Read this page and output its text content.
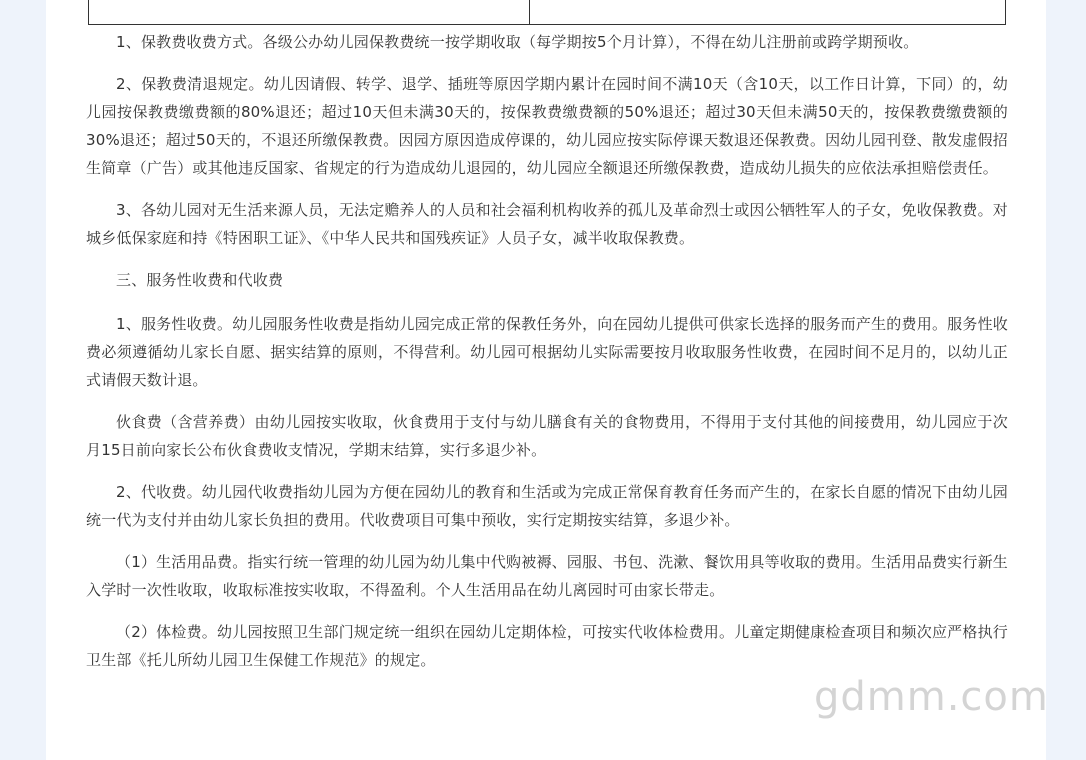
1、保教费收费方式。各级公办幼儿园保教费统一按学期收取（每学期按5个月计算），不得在幼儿注册前或跨学期预收。

2、保教费清退规定。幼儿因请假、转学、退学、插班等原因学期内累计在园时间不满10天（含10天，以工作日计算，下同）的，幼儿园按保教费缴费额的80%退还；超过10天但未满30天的，按保教费缴费额的50%退还；超过30天但未满50天的，按保教费缴费额的30%退还；超过50天的，不退还所缴保教费。因园方原因造成停课的，幼儿园应按实际停课天数退还保教费。因幼儿园刊登、散发虚假招生简章（广告）或其他违反国家、省规定的行为造成幼儿退园的，幼儿园应全额退还所缴保教费，造成幼儿损失的应依法承担赔偿责任。

3、各幼儿园对无生活来源人员，无法定赡养人的人员和社会福利机构收养的孤儿及革命烈士或因公牺牲军人的子女，免收保教费。对城乡低保家庭和持《特困职工证》、《中华人民共和国残疾证》人员子女，减半收取保教费。

三、服务性收费和代收费

1、服务性收费。幼儿园服务性收费是指幼儿园完成正常的保教任务外，向在园幼儿提供可供家长选择的服务而产生的费用。服务性收费必须遵循幼儿家长自愿、据实结算的原则，不得营利。幼儿园可根据幼儿实际需要按月收取服务性收费，在园时间不足月的，以幼儿正式请假天数计退。

伙食费（含营养费）由幼儿园按实收取，伙食费用于支付与幼儿膳食有关的食物费用，不得用于支付其他的间接费用，幼儿园应于次月15日前向家长公布伙食费收支情况，学期末结算，实行多退少补。

2、代收费。幼儿园代收费指幼儿园为方便在园幼儿的教育和生活或为完成正常保育教育任务而产生的，在家长自愿的情况下由幼儿园统一代为支付并由幼儿家长负担的费用。代收费项目可集中预收，实行定期按实结算，多退少补。

（1）生活用品费。指实行统一管理的幼儿园为幼儿集中代购被褥、园服、书包、洗漱、餐饮用具等收取的费用。生活用品费实行新生入学时一次性收取，收取标准按实收取，不得盈利。个人生活用品在幼儿离园时可由家长带走。

（2）体检费。幼儿园按照卫生部门规定统一组织在园幼儿定期体检，可按实代收体检费用。儿童定期健康检查项目和频次应严格执行卫生部《托儿所幼儿园卫生保健工作规范》的规定。

gdmm.com
